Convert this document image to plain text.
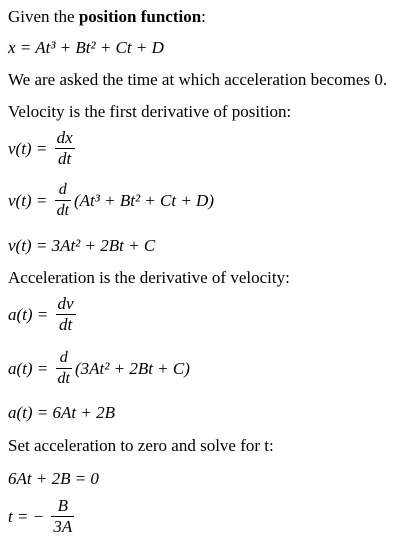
Given the position function:
x = At³ + Bt² + Ct + D
We are asked the time at which acceleration becomes 0.
Velocity is the first derivative of position:
$v(t) = \frac{dx}{dt}$
$v(t) = \frac{d}{dt} (At^3 + Bt^2 + Ct + D)$
v(t) = 3At² + 2Bt + C
Acceleration is the derivative of velocity:
$a(t) = \frac{dv}{dt}$
$a(t) = \frac{d}{dt} (3At^2 + 2Bt + C)$
a(t) = 6At + 2B
Set acceleration to zero and solve for t:
6At + 2B = 0
t = − $\frac{B}{3A}$
